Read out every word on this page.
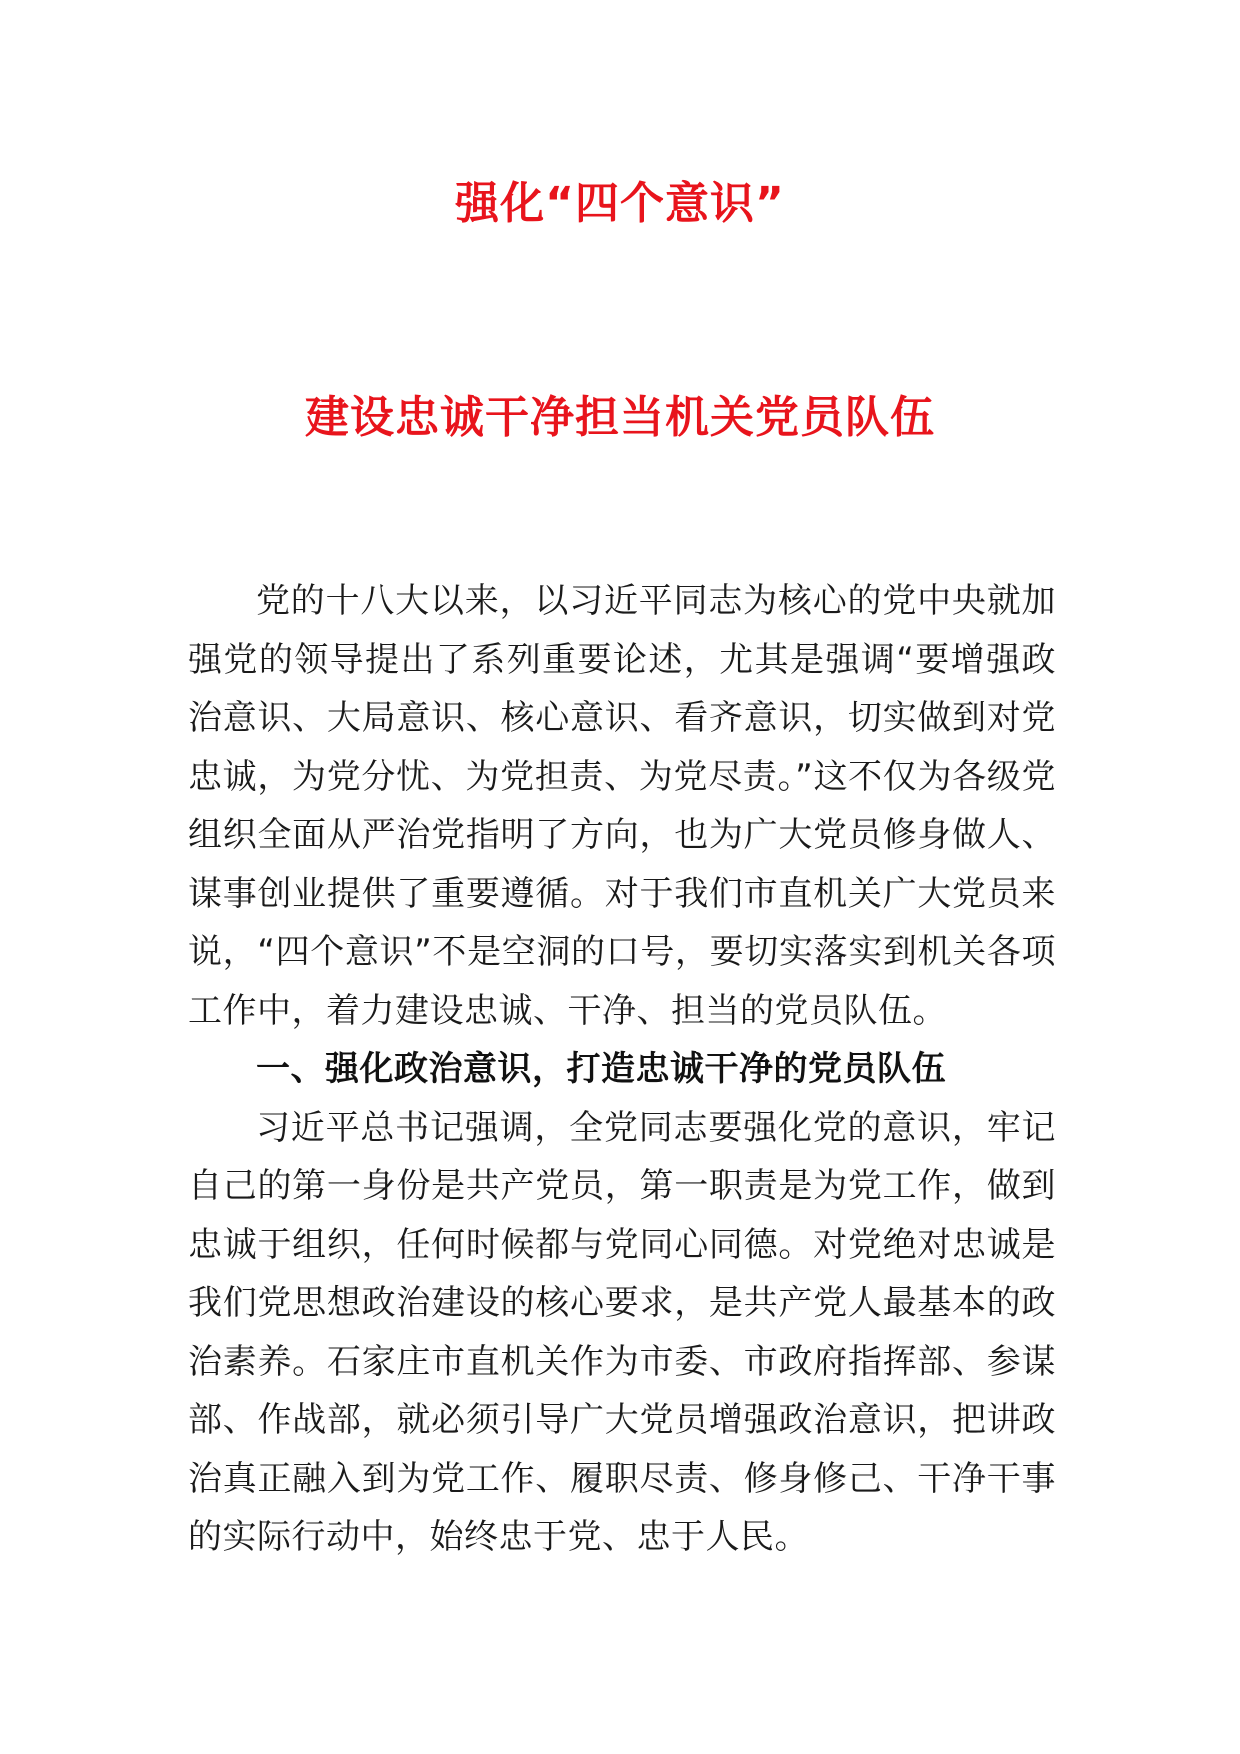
强化“四个意识”
建设忠诚干净担当机关党员队伍

党的十八大以来，以习近平同志为核心的党中央就加强党的领导提出了系列重要论述，尤其是强调“要增强政治意识、大局意识、核心意识、看齐意识，切实做到对党忠诚，为党分忧、为党担责、为党尽责。”这不仅为各级党组织全面从严治党指明了方向，也为广大党员修身做人、谋事创业提供了重要遵循。对于我们市直机关广大党员来说，“四个意识”不是空洞的口号，要切实落实到机关各项工作中，着力建设忠诚、干净、担当的党员队伍。

一、强化政治意识，打造忠诚干净的党员队伍

习近平总书记强调，全党同志要强化党的意识，牢记自己的第一身份是共产党员，第一职责是为党工作，做到忠诚于组织，任何时候都与党同心同德。对党绝对忠诚是我们党思想政治建设的核心要求，是共产党人最基本的政治素养。石家庄市直机关作为市委、市政府指挥部、参谋部、作战部，就必须引导广大党员增强政治意识，把讲政治真正融入到为党工作、履职尽责、修身修己、干净干事的实际行动中，始终忠于党、忠于人民。
